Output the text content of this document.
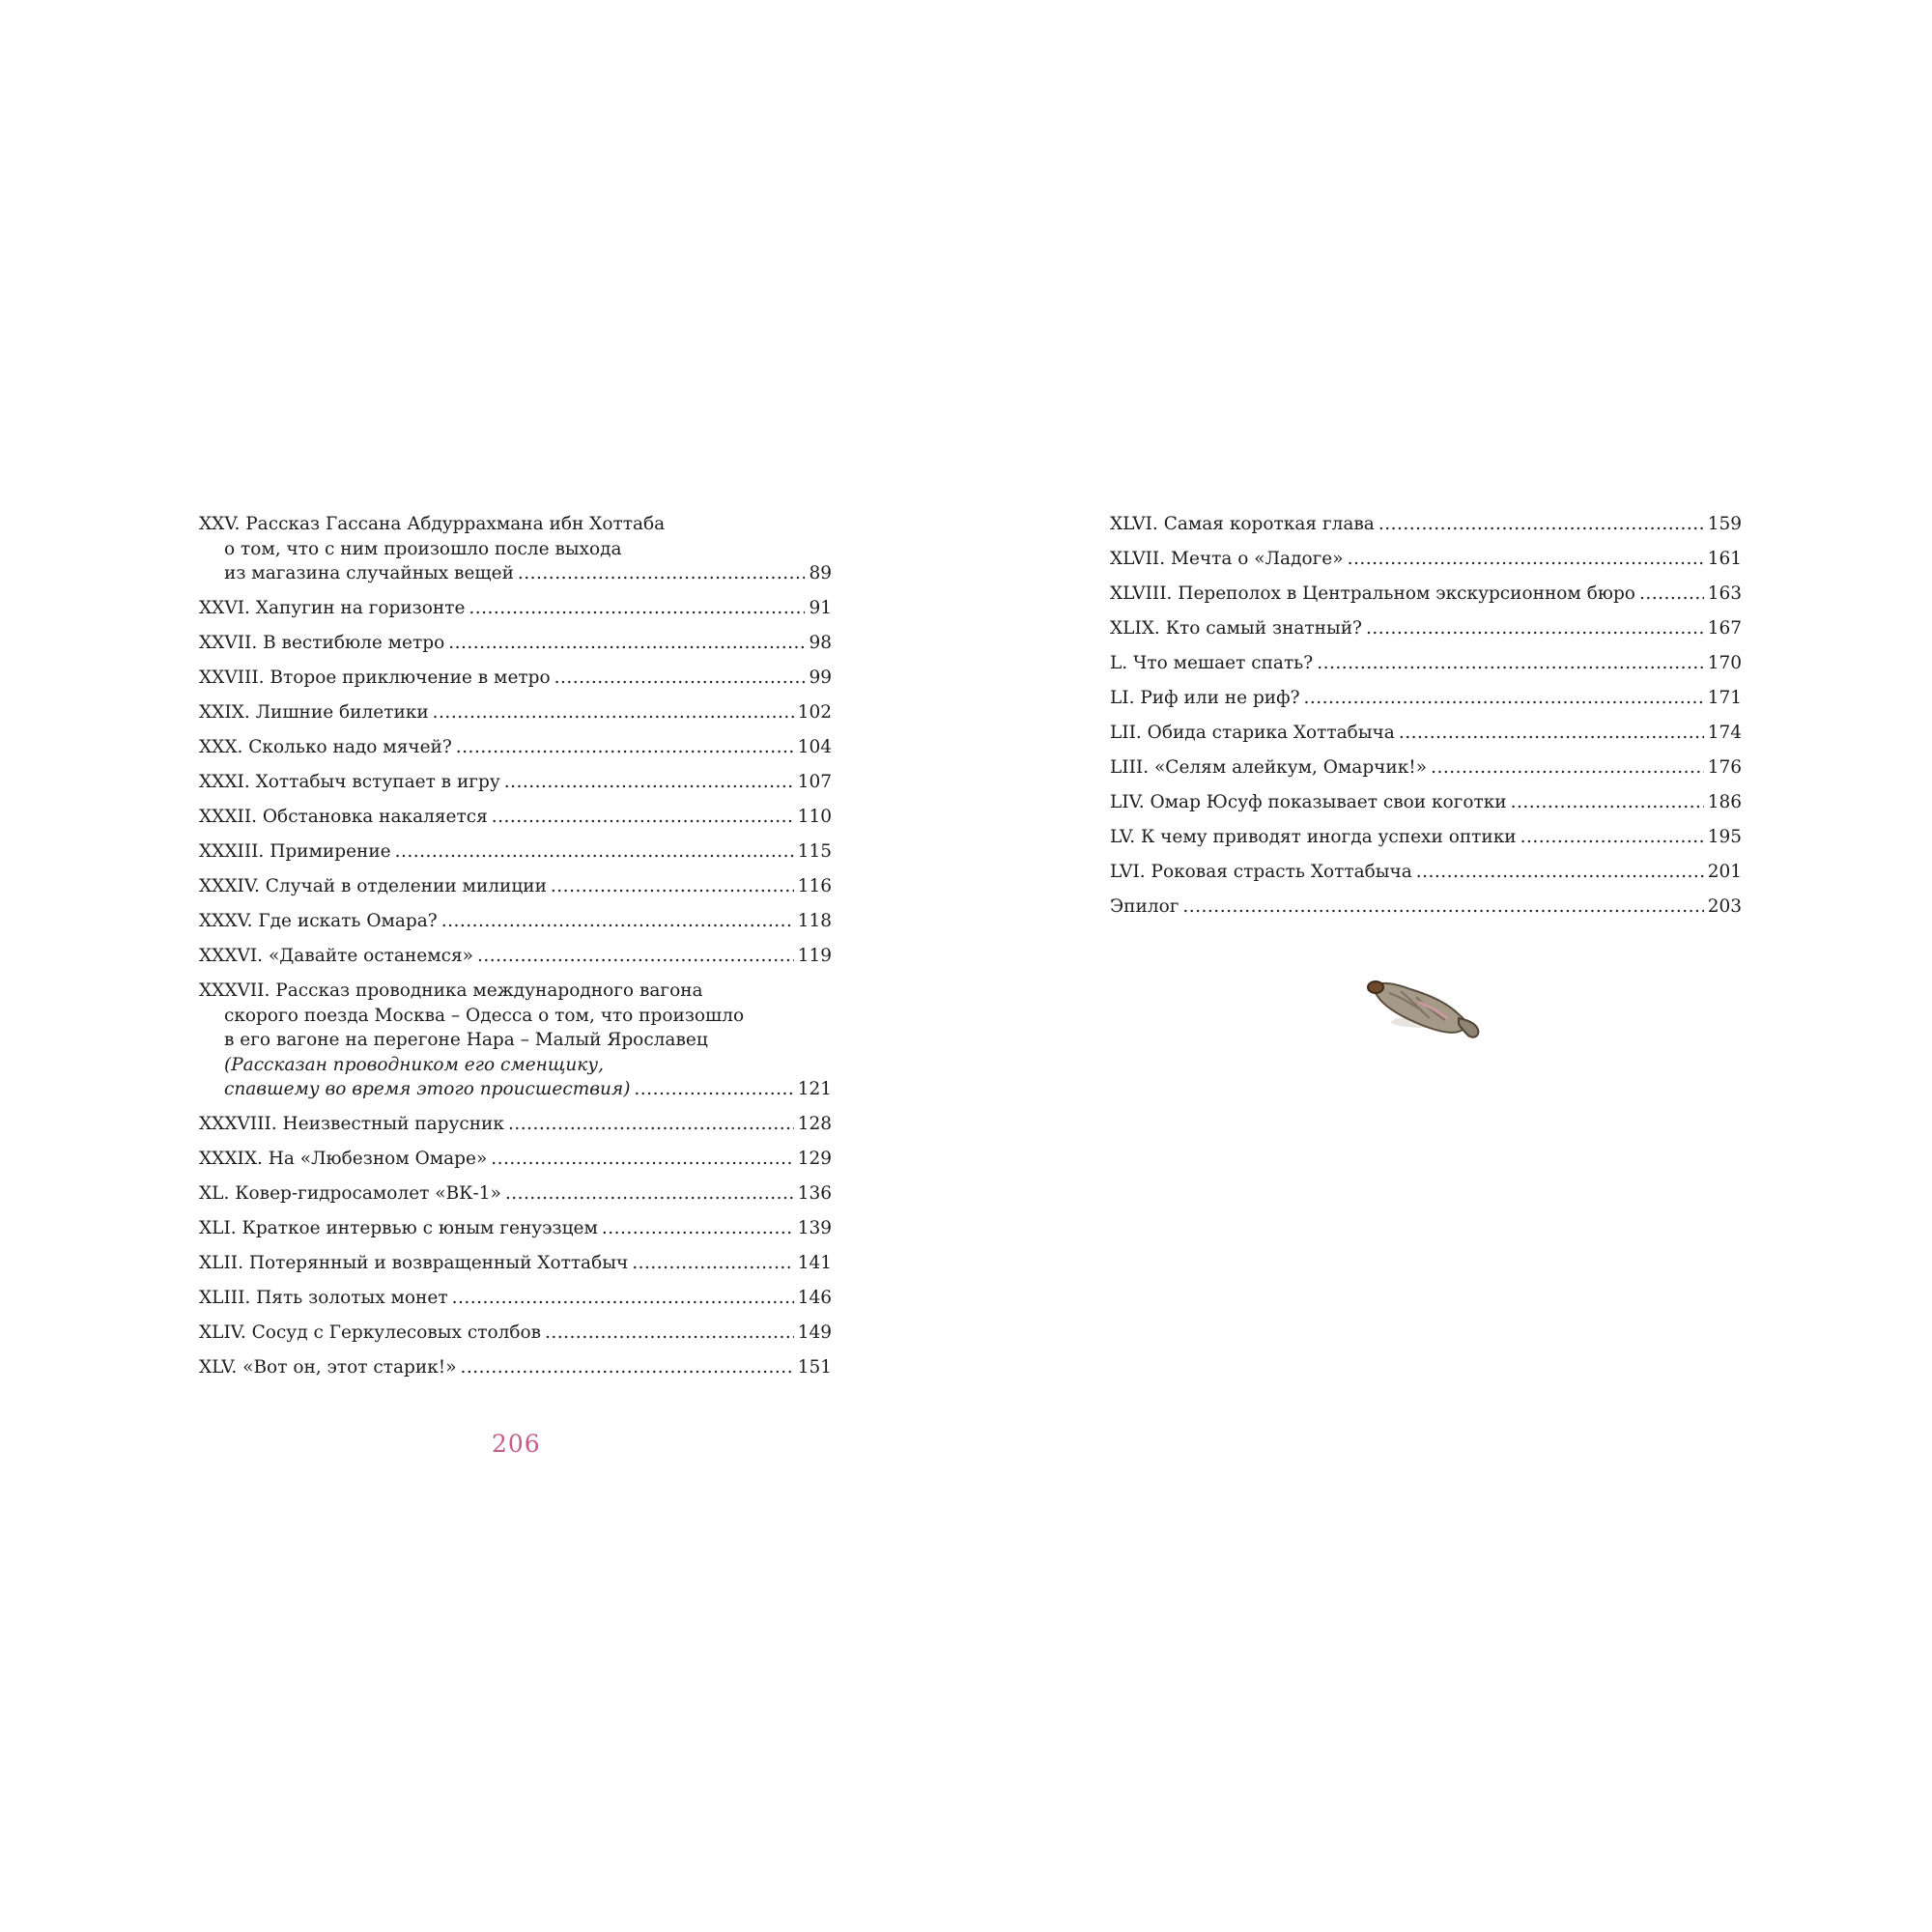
XXV. Рассказ Гассана Абдуррахмана ибн Хоттаба
о том, что с ним произошло после выхода
из магазина случайных вещей .....	89
XXVI. Хапугин на горизонте .....	91
XXVII. В вестибюле метро .....	98
XXVIII. Второе приключение в метро .....	99
XXIX. Лишние билетики .....	102
XXX. Сколько надо мячей? .....	104
XXXI. Хоттабыч вступает в игру .....	107
XXXII. Обстановка накаляется .....	110
XXXIII. Примирение .....	115
XXXIV. Случай в отделении милиции .....	116
XXXV. Где искать Омара? .....	118
XXXVI. «Давайте останемся» .....	119
XXXVII. Рассказ проводника международного вагона
скорого поезда Москва – Одесса о том, что произошло
в его вагоне на перегоне Нара – Малый Ярославец
(Рассказан проводником его сменщику,
спавшему во время этого происшествия) .....	121
XXXVIII. Неизвестный парусник .....	128
XXXIX. На «Любезном Омаре» .....	129
XL. Ковер-гидросамолет «ВК-1» .....	136
XLI. Краткое интервью с юным генуэзцем .....	139
XLII. Потерянный и возвращенный Хоттабыч .....	141
XLIII. Пять золотых монет .....	146
XLIV. Сосуд с Геркулесовых столбов .....	149
XLV. «Вот он, этот старик!» .....	151
XLVI. Самая короткая глава .....	159
XLVII. Мечта о «Ладоге» .....	161
XLVIII. Переполох в Центральном экскурсионном бюро .....	163
XLIX. Кто самый знатный? .....	167
L. Что мешает спать? .....	170
LI. Риф или не риф? .....	171
LII. Обида старика Хоттабыча .....	174
LIII. «Селям алейкум, Омарчик!» .....	176
LIV. Омар Юсуф показывает свои коготки .....	186
LV. К чему приводят иногда успехи оптики .....	195
LVI. Роковая страсть Хоттабыча .....	201
Эпилог .....	203
206
